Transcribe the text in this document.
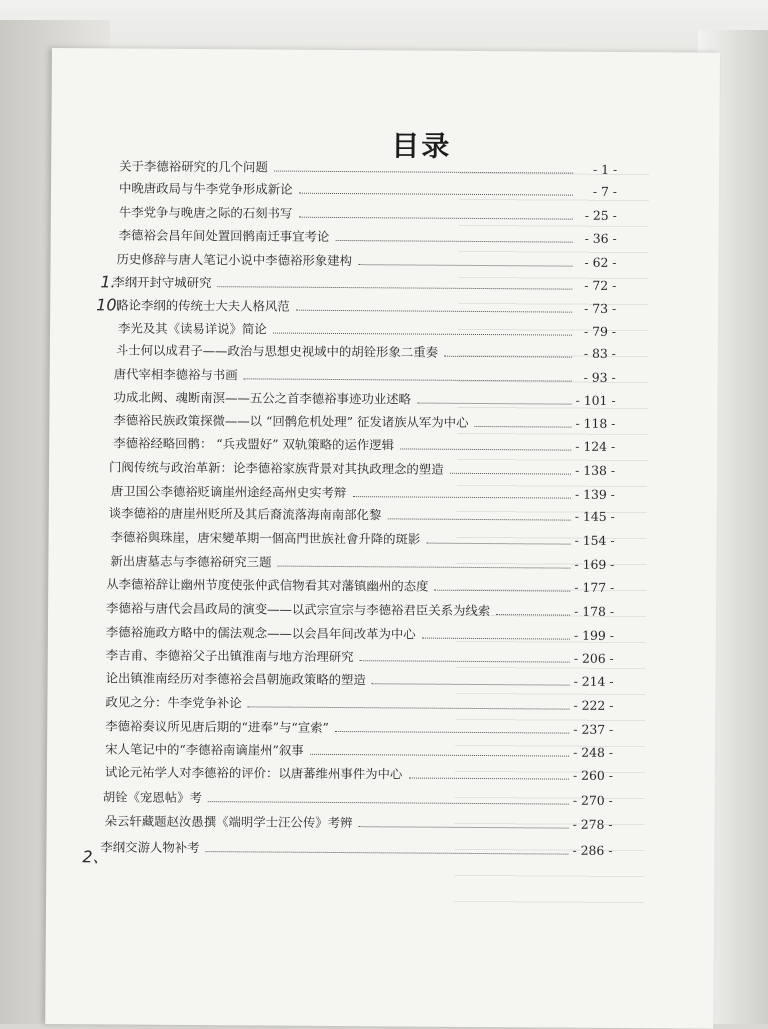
目录
关于李德裕研究的几个问题	- 1 -
中晚唐政局与牛李党争形成新论	- 7 -
牛李党争与晚唐之际的石刻书写	- 25 -
李德裕会昌年间处置回鹘南迁事宜考论	- 36 -
历史修辞与唐人笔记小说中李德裕形象建构	- 62 -
李纲开封守城研究	- 72 -
略论李纲的传统士大夫人格风范	- 73 -
李光及其《读易详说》简论	- 79 -
斗士何以成君子——政治与思想史视域中的胡铨形象二重奏	- 83 -
唐代宰相李德裕与书画	- 93 -
功成北阙、魂断南溟——五公之首李德裕事迹功业述略	- 101 -
李德裕民族政策探微——以 “回鹘危机处理” 征发诸族从军为中心	- 118 -
李德裕经略回鹘： “兵戎盟好” 双轨策略的运作逻辑	- 124 -
门阀传统与政治革新：论李德裕家族背景对其执政理念的塑造	- 138 -
唐卫国公李德裕贬谪崖州途经高州史实考辩	- 139 -
谈李德裕的唐崖州贬所及其后裔流落海南南部化黎	- 145 -
李德裕與珠崖，唐宋變革期一個高門世族社會升降的斑影	- 154 -
新出唐墓志与李德裕研究三题	- 169 -
从李德裕辞让幽州节度使张仲武信物看其对藩镇幽州的态度	- 177 -
李德裕与唐代会昌政局的演变——以武宗宣宗与李德裕君臣关系为线索	- 178 -
李德裕施政方略中的儒法观念——以会昌年间改革为中心	- 199 -
李吉甫、李德裕父子出镇淮南与地方治理研究	- 206 -
论出镇淮南经历对李德裕会昌朝施政策略的塑造	- 214 -
政见之分：牛李党争补论	- 222 -
李德裕奏议所见唐后期的“进奉”与“宣索”	- 237 -
宋人笔记中的“李德裕南谪崖州”叙事	- 248 -
试论元祐学人对李德裕的评价：以唐蕃维州事件为中心	- 260 -
胡铨《宠恩帖》考	- 270 -
朵云轩藏题赵汝愚撰《端明学士汪公传》考辨	- 278 -
李纲交游人物补考	- 286 -
1.
10.
2、
